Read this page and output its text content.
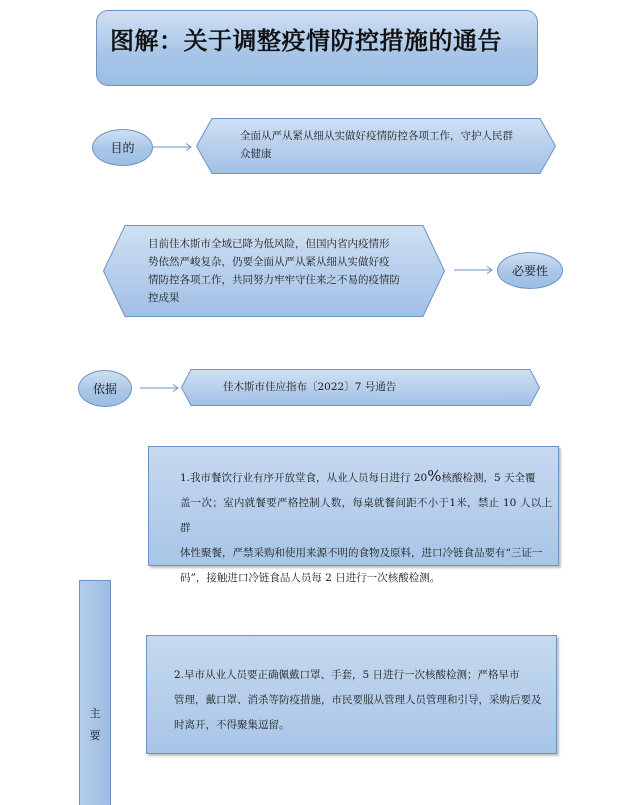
图解：关于调整疫情防控措施的通告
目的
全面从严从紧从细从实做好疫情防控各项工作，守护人民群
众健康
目前佳木斯市全域已降为低风险，但国内省内疫情形
势依然严峻复杂，仍要全面从严从紧从细从实做好疫
情防控各项工作，共同努力牢牢守住来之不易的疫情防
控成果
必要性
依据	佳木斯市佳应指布〔2022〕7 号通告
1.我市餐饮行业有序开放堂食，从业人员每日进行 20%核酸检测，5 天全覆
盖一次；室内就餐要严格控制人数，每桌就餐间距不小于1米，禁止 10 人以上群
体性聚餐，严禁采购和使用来源不明的食物及原料，进口冷链食品要有“三证一
码”，接触进口冷链食品人员每 2 日进行一次核酸检测。
主
要
2.早市从业人员要正确佩戴口罩、手套，5 日进行一次核酸检测；严格早市
管理，戴口罩、消杀等防疫措施，市民要服从管理人员管理和引导，采购后要及
时离开，不得聚集逗留。
